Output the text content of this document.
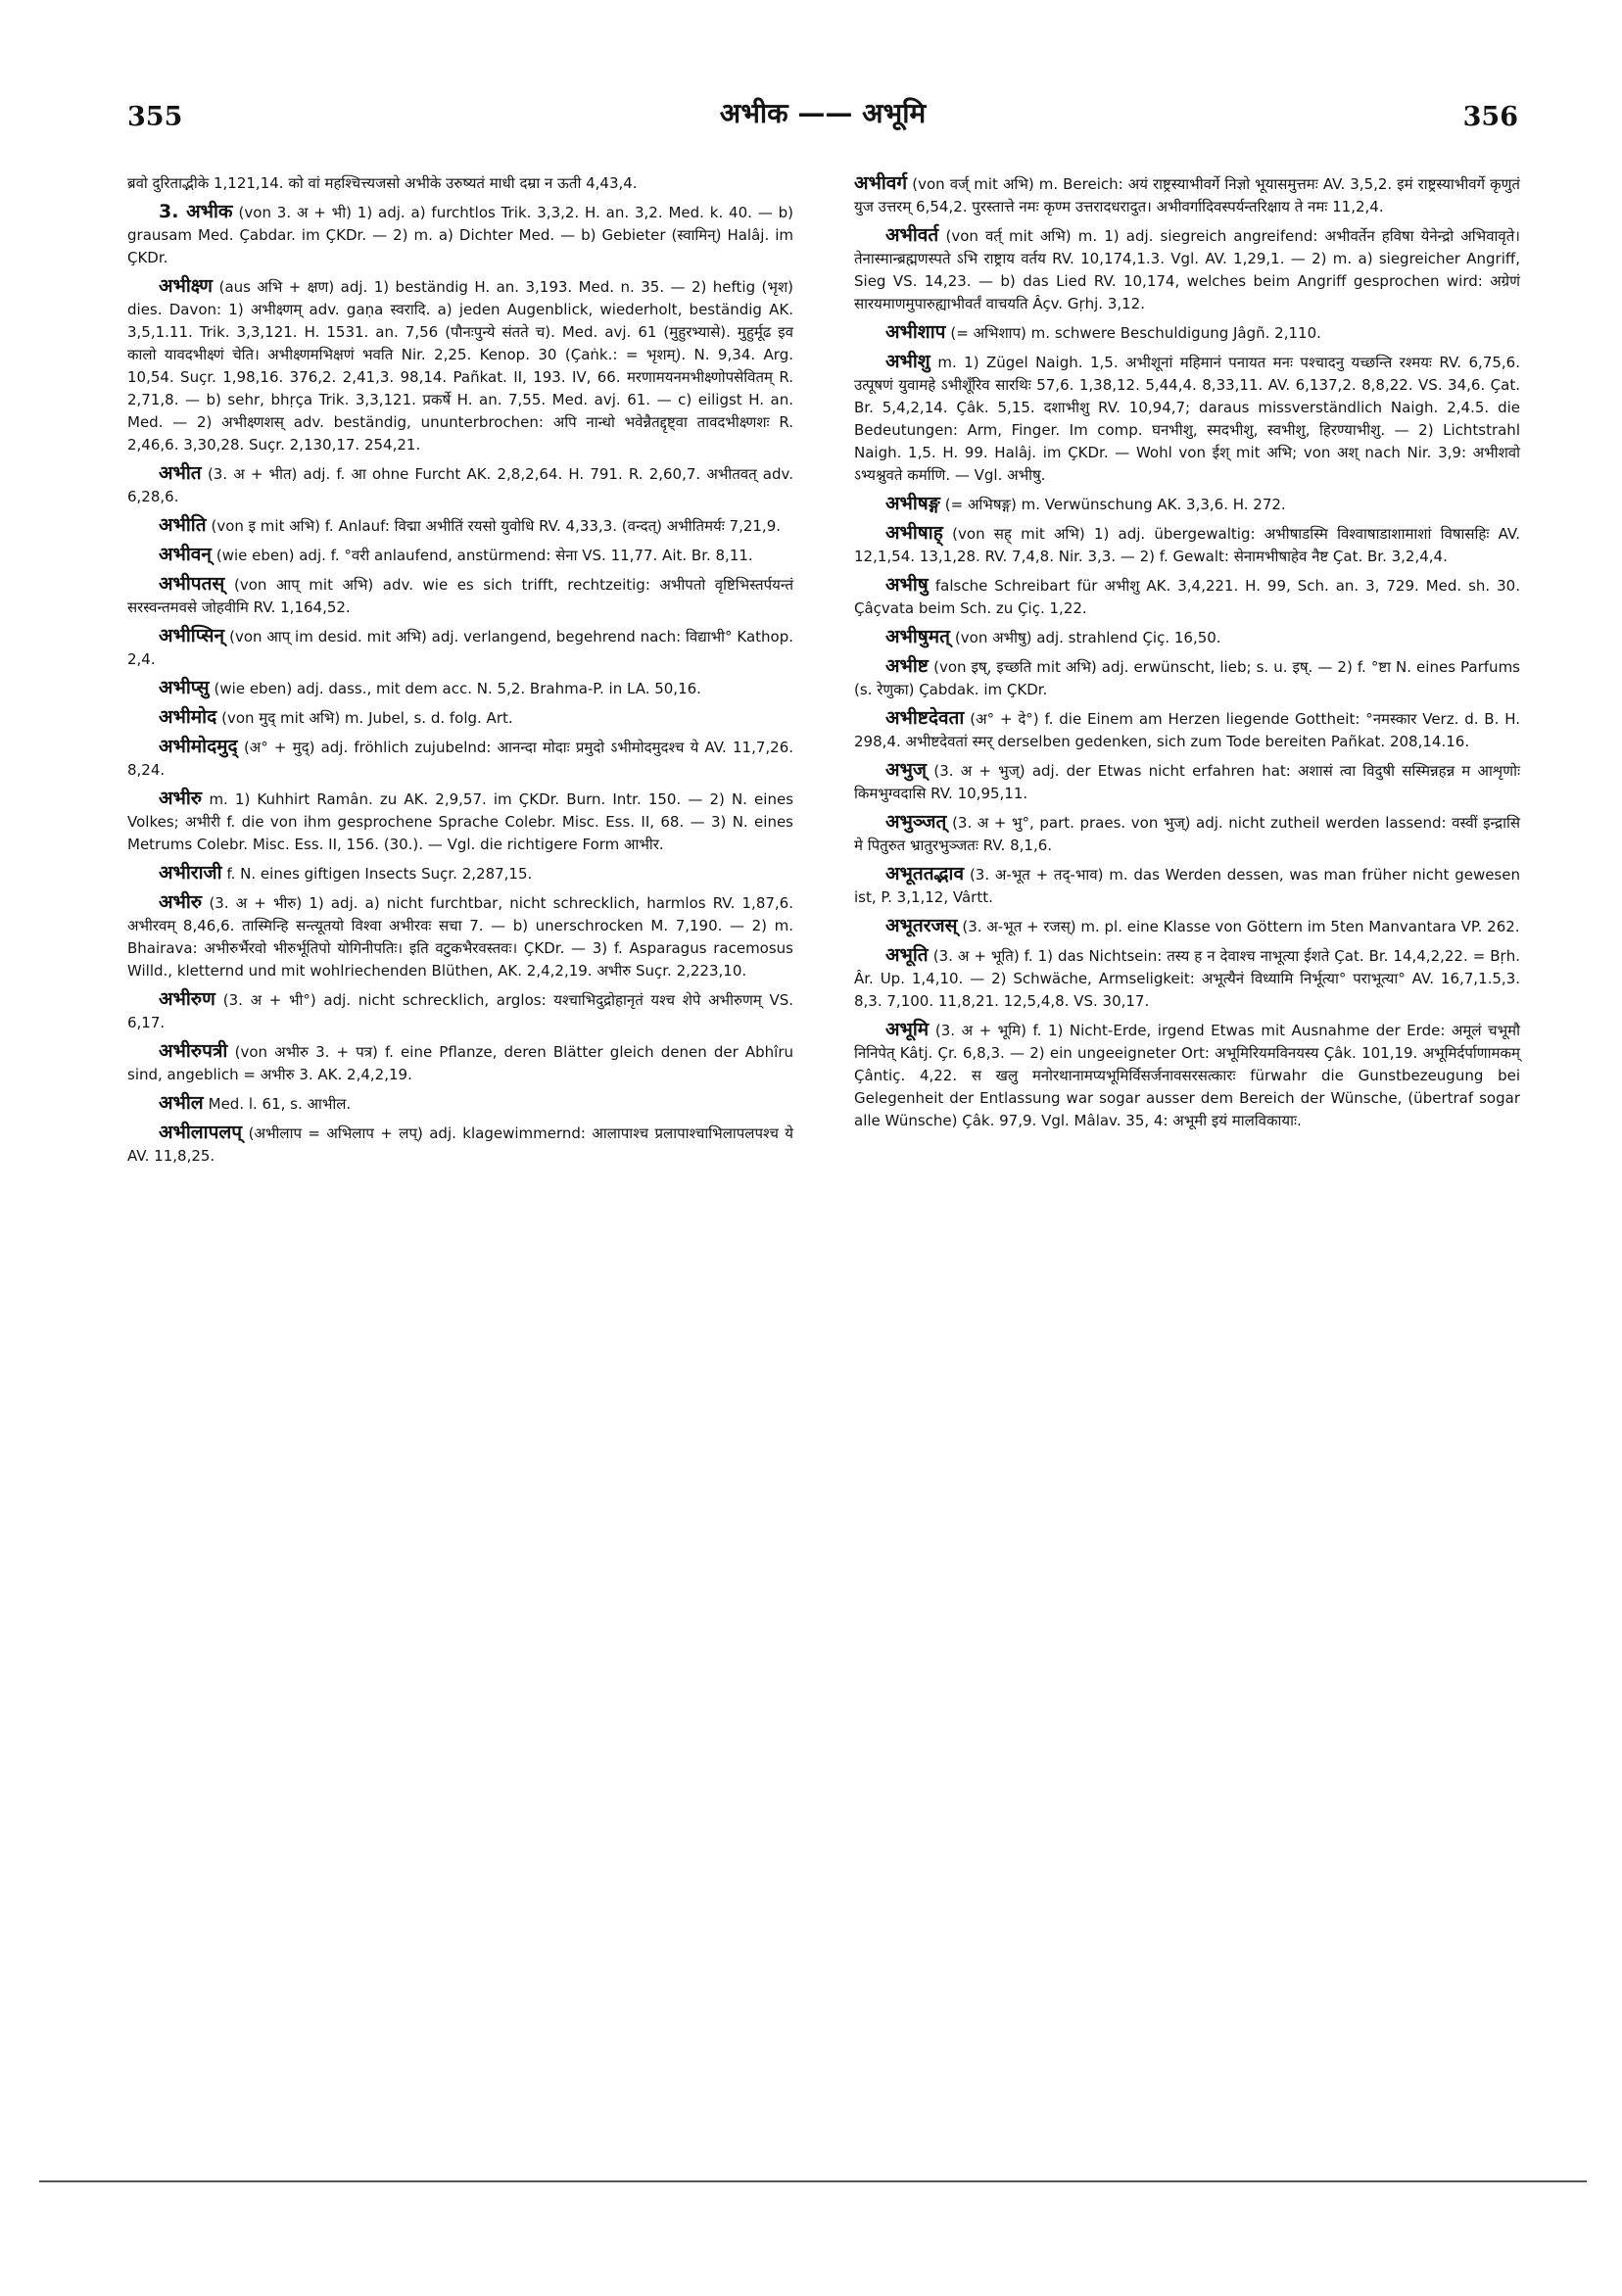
355	अभीक —— अभूमि	356

ब्रवो दुरिताद्भीके 1,121,14. को वां महश्चित्त्यजसो अभीके उरुष्यतं माधी दम्रा न ऊती 4,43,4.

3. अभीक (von 3. अ + भी) 1) adj. a) furchtlos Trik. 3,3,2. H. an. 3,2. Med. k. 40. — b) grausam Med. Çabdar. im ÇKDr. — 2) m. a) Dichter Med. — b) Gebieter (स्वामिन्) Halâj. im ÇKDr.

अभीक्ष्ण (aus अभि + क्षण) adj. 1) beständig H. an. 3,193. Med. n. 35. — 2) heftig (भृश) dies. Davon: 1) अभीक्ष्णम् adv. gaṇa स्वरादि. a) jeden Augenblick, wiederholt, beständig AK. 3,5,1.11. Trik. 3,3,121. H. 1531. an. 7,56 (पौनःपुन्ये संतते च). Med. avj. 61 (मुहुरभ्यासे). मुहुर्मूढ इव कालो यावदभीक्ष्णं चेति। अभीक्ष्णमभिक्षणं भवति Nir. 2,25. Kenop. 30 (Çaṅk.: = भृशम्). N. 9,34. Arg. 10,54. Suçr. 1,98,16. 376,2. 2,41,3. 98,14. Pañkat. II, 193. IV, 66. मरणामयनमभीक्ष्णोपसेवितम् R. 2,71,8. — b) sehr, bhṛça Trik. 3,3,121. प्रकर्षे H. an. 7,55. Med. avj. 61. — c) eiligst H. an. Med. — 2) अभीक्ष्णशस् adv. beständig, ununterbrochen: अपि नान्धो भवेन्नैतद्दृष्ट्वा तावदभीक्ष्णशः R. 2,46,6. 3,30,28. Suçr. 2,130,17. 254,21.

अभीत (3. अ + भीत) adj. f. आ ohne Furcht AK. 2,8,2,64. H. 791. R. 2,60,7. अभीतवत् adv. 6,28,6.

अभीति (von इ mit अभि) f. Anlauf: विद्मा अभीतिं रयसो युवोधि RV. 4,33,3. (वन्दत्) अभीतिमर्यः 7,21,9.

अभीवन् (wie eben) adj. f. °वरी anlaufend, anstürmend: सेना VS. 11,77. Ait. Br. 8,11.

अभीपतस् (von आप् mit अभि) adv. wie es sich trifft, rechtzeitig: अभीपतो वृष्टिभिस्तर्पयन्तं सरस्वन्तमवसे जोहवीमि RV. 1,164,52.

अभीप्सिन् (von आप् im desid. mit अभि) adj. verlangend, begehrend nach: विद्याभी° Kathop. 2,4.

अभीप्सु (wie eben) adj. dass., mit dem acc. N. 5,2. Brahma-P. in LA. 50,16.

अभीमोद (von मुद् mit अभि) m. Jubel, s. d. folg. Art.

अभीमोदमुद् (अ° + मुद्) adj. fröhlich zujubelnd: आनन्दा मोदाः प्रमुदो ऽभीमोदमुदश्च ये AV. 11,7,26. 8,24.

अभीरु m. 1) Kuhhirt Ramân. zu AK. 2,9,57. im ÇKDr. Burn. Intr. 150. — 2) N. eines Volkes; अभीरी f. die von ihm gesprochene Sprache Colebr. Misc. Ess. II, 68. — 3) N. eines Metrums Colebr. Misc. Ess. II, 156. (30.). — Vgl. die richtigere Form आभीर.

अभीराजी f. N. eines giftigen Insects Suçr. 2,287,15.

अभीरु (3. अ + भीरु) 1) adj. a) nicht furchtbar, nicht schrecklich, harmlos RV. 1,87,6. अभीरवम् 8,46,6. तास्मिन्हि सन्त्यूतयो विश्वा अभीरवः सचा 7. — b) unerschrocken M. 7,190. — 2) m. Bhairava: अभीरुर्भैरवो भीरुर्भूतिपो योगिनीपतिः। इति वटुकभैरवस्तवः। ÇKDr. — 3) f. Asparagus racemosus Willd., kletternd und mit wohlriechenden Blüthen, AK. 2,4,2,19. अभीरु Suçr. 2,223,10.

अभीरुण (3. अ + भी°) adj. nicht schrecklich, arglos: यश्चाभिदुद्रोहानृतं यश्च शेपे अभीरुणम् VS. 6,17.

अभीरुपत्री (von अभीरु 3. + पत्र) f. eine Pflanze, deren Blätter gleich denen der Abhîru sind, angeblich = अभीरु 3. AK. 2,4,2,19.

अभील Med. l. 61, s. आभील.

अभीलापलप् (अभीलाप = अभिलाप + लप्) adj. klagewimmernd: आलापाश्च प्रलापाश्चाभिलापलपश्च ये AV. 11,8,25.

अभीवर्ग (von वर्ज् mit अभि) m. Bereich: अयं राष्ट्रस्याभीवर्गे निज्ञो भूयासमुत्तमः AV. 3,5,2. इमं राष्ट्रस्याभीवर्गे कृणुतं युज उत्तरम् 6,54,2. पुरस्तात्ते नमः कृण्म उत्तरादधरादुत। अभीवर्गादिवस्पर्यन्तरिक्षाय ते नमः 11,2,4.

अभीवर्त (von वर्त् mit अभि) m. 1) adj. siegreich angreifend: अभीवर्तेन हविषा येनेन्द्रो अभिवावृते। तेनास्मान्ब्रह्मणस्पते ऽभि राष्ट्राय वर्तय RV. 10,174,1.3. Vgl. AV. 1,29,1. — 2) m. a) siegreicher Angriff, Sieg VS. 14,23. — b) das Lied RV. 10,174, welches beim Angriff gesprochen wird: अग्रेणं सारयमाणमुपारुह्याभीवर्तं वाचयति Âçv. Gṛhj. 3,12.

अभीशाप (= अभिशाप) m. schwere Beschuldigung Jâgñ. 2,110.

अभीशु m. 1) Zügel Naigh. 1,5. अभीशूनां महिमानं पनायत मनः पश्चादनु यच्छन्ति रश्मयः RV. 6,75,6. उत्पूषणं युवामहे ऽभीशूँरिव सारथिः 57,6. 1,38,12. 5,44,4. 8,33,11. AV. 6,137,2. 8,8,22. VS. 34,6. Çat. Br. 5,4,2,14. Çâk. 5,15. दशाभीशु RV. 10,94,7; daraus missverständlich Naigh. 2,4.5. die Bedeutungen: Arm, Finger. Im comp. घनभीशु, स्मदभीशु, स्वभीशु, हिरण्याभीशु. — 2) Lichtstrahl Naigh. 1,5. H. 99. Halâj. im ÇKDr. — Wohl von ईश् mit अभि; von अश् nach Nir. 3,9: अभीशवो ऽभ्यश्नुवते कर्माणि. — Vgl. अभीषु.

अभीषङ्ग (= अभिषङ्ग) m. Verwünschung AK. 3,3,6. H. 272.

अभीषाह् (von सह् mit अभि) 1) adj. übergewaltig: अभीषाडस्मि विश्वाषाडाशामाशां विषासहिः AV. 12,1,54. 13,1,28. RV. 7,4,8. Nir. 3,3. — 2) f. Gewalt: सेनामभीषाहेव नैष्ट Çat. Br. 3,2,4,4.

अभीषु falsche Schreibart für अभीशु AK. 3,4,221. H. 99, Sch. an. 3, 729. Med. sh. 30. Çâçvata beim Sch. zu Çiç. 1,22.

अभीषुमत् (von अभीषु) adj. strahlend Çiç. 16,50.

अभीष्ट (von इष्, इच्छति mit अभि) adj. erwünscht, lieb; s. u. इष्. — 2) f. °ष्टा N. eines Parfums (s. रेणुका) Çabdak. im ÇKDr.

अभीष्टदेवता (अ° + दे°) f. die Einem am Herzen liegende Gottheit: °नमस्कार Verz. d. B. H. 298,4. अभीष्टदेवतां स्मर् derselben gedenken, sich zum Tode bereiten Pañkat. 208,14.16.

अभुज् (3. अ + भुज्) adj. der Etwas nicht erfahren hat: अशासं त्वा विदुषी सस्मिन्नहन्न म आशृणोः किमभुग्वदासि RV. 10,95,11.

अभुञ्जत् (3. अ + भु°, part. praes. von भुज्) adj. nicht zutheil werden lassend: वस्वीं इन्द्रासि मे पितुरुत भ्रातुरभुञ्जतः RV. 8,1,6.

अभूततद्भाव (3. अ-भूत + तद्-भाव) m. das Werden dessen, was man früher nicht gewesen ist, P. 3,1,12, Vârtt.

अभूतरजस् (3. अ-भूत + रजस्) m. pl. eine Klasse von Göttern im 5ten Manvantara VP. 262.

अभूति (3. अ + भूति) f. 1) das Nichtsein: तस्य ह न देवाश्च नाभूत्या ईशते Çat. Br. 14,4,2,22. = Bṛh. Âr. Up. 1,4,10. — 2) Schwäche, Armseligkeit: अभूत्यैनं विध्यामि निर्भूत्या° पराभूत्या° AV. 16,7,1.5,3. 8,3. 7,100. 11,8,21. 12,5,4,8. VS. 30,17.

अभूमि (3. अ + भूमि) f. 1) Nicht-Erde, irgend Etwas mit Ausnahme der Erde: अमूलं चभूमौ निनिपेत् Kâtj. Çr. 6,8,3. — 2) ein ungeeigneter Ort: अभूमिरियमविनयस्य Çâk. 101,19. अभूमिर्दर्पाणामकम् Çântiç. 4,22. स खलु मनोरथानामप्यभूमिर्विसर्जनावसरसत्कारः fürwahr die Gunstbezeugung bei Gelegenheit der Entlassung war sogar ausser dem Bereich der Wünsche, (übertraf sogar alle Wünsche) Çâk. 97,9. Vgl. Mâlav. 35, 4: अभूमी इयं मालविकायाः.
